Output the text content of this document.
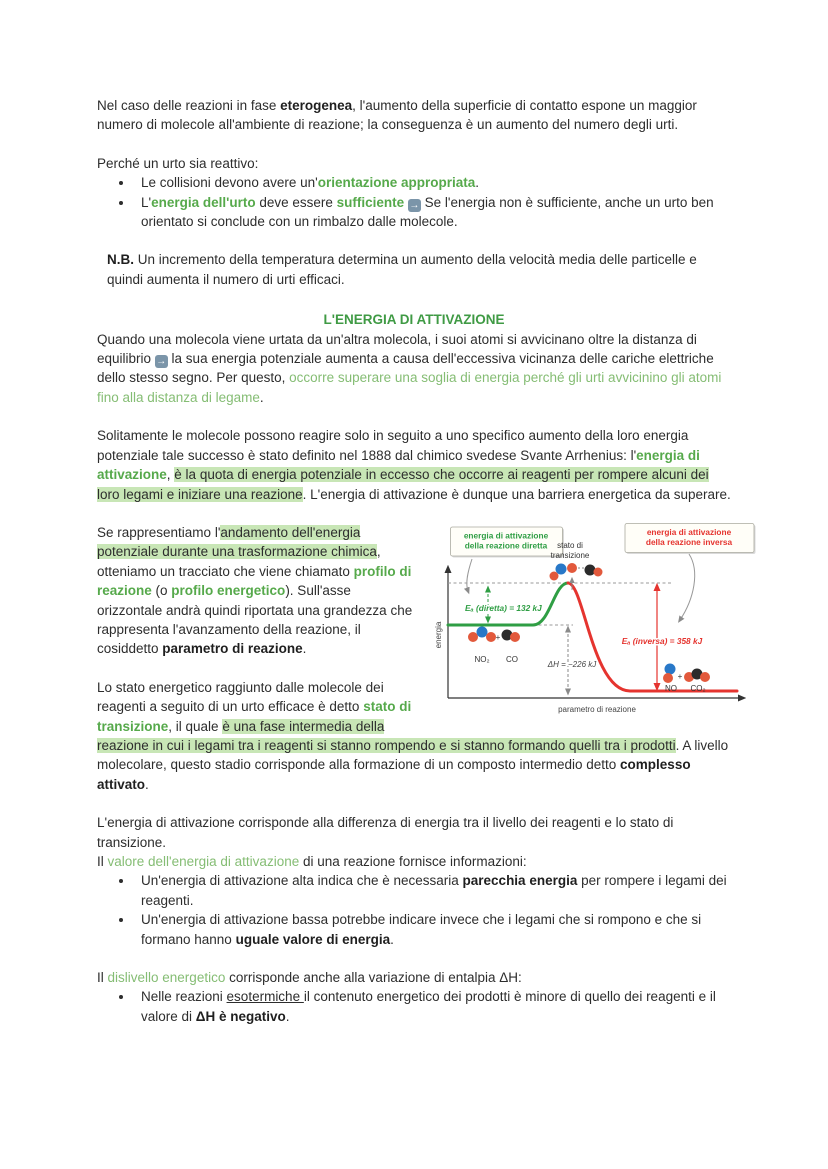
Nel caso delle reazioni in fase eterogenea, l'aumento della superficie di contatto espone un maggior numero di molecole all'ambiente di reazione; la conseguenza è un aumento del numero degli urti.

Perché un urto sia reattivo:

• Le collisioni devono avere un'orientazione appropriata.
• L'energia dell'urto deve essere sufficiente → Se l'energia non è sufficiente, anche un urto ben orientato si conclude con un rimbalzo dalle molecole.

N.B. Un incremento della temperatura determina un aumento della velocità media delle particelle e quindi aumenta il numero di urti efficaci.

L'ENERGIA DI ATTIVAZIONE

Quando una molecola viene urtata da un'altra molecola, i suoi atomi si avvicinano oltre la distanza di equilibrio → la sua energia potenziale aumenta a causa dell'eccessiva vicinanza delle cariche elettriche dello stesso segno. Per questo, occorre superare una soglia di energia perché gli urti avvicinino gli atomi fino alla distanza di legame.

Solitamente le molecole possono reagire solo in seguito a uno specifico aumento della loro energia potenziale tale successo è stato definito nel 1888 dal chimico svedese Svante Arrhenius: l'energia di attivazione, è la quota di energia potenziale in eccesso che occorre ai reagenti per rompere alcuni dei loro legami e iniziare una reazione. L'energia di attivazione è dunque una barriera energetica da superare.

energia di attivazione
della reazione diretta
energia di attivazione
della reazione inversa
stato di
transizione
+
NO₂ CO
+
NO CO₂
Eₐ (diretta) = 132 kJ
Eₐ (inversa) = 358 kJ
ΔH = −226 kJ
energia
parametro di reazione

Se rappresentiamo l'andamento dell'energia potenziale durante una trasformazione chimica, otteniamo un tracciato che viene chiamato profilo di reazione (o profilo energetico). Sull'asse orizzontale andrà quindi riportata una grandezza che rappresenta l'avanzamento della reazione, il cosiddetto parametro di reazione.

Lo stato energetico raggiunto dalle molecole dei reagenti a seguito di un urto efficace è detto stato di transizione, il quale è una fase intermedia della reazione in cui i legami tra i reagenti si stanno rompendo e si stanno formando quelli tra i prodotti. A livello molecolare, questo stadio corrisponde alla formazione di un composto intermedio detto complesso attivato.

L'energia di attivazione corrisponde alla differenza di energia tra il livello dei reagenti e lo stato di transizione.

Il valore dell'energia di attivazione di una reazione fornisce informazioni:

• Un'energia di attivazione alta indica che è necessaria parecchia energia per rompere i legami dei reagenti.
• Un'energia di attivazione bassa potrebbe indicare invece che i legami che si rompono e che si formano hanno uguale valore di energia.

Il dislivello energetico corrisponde anche alla variazione di entalpia ΔH:

• Nelle reazioni esotermiche il contenuto energetico dei prodotti è minore di quello dei reagenti e il valore di ΔH è negativo.
